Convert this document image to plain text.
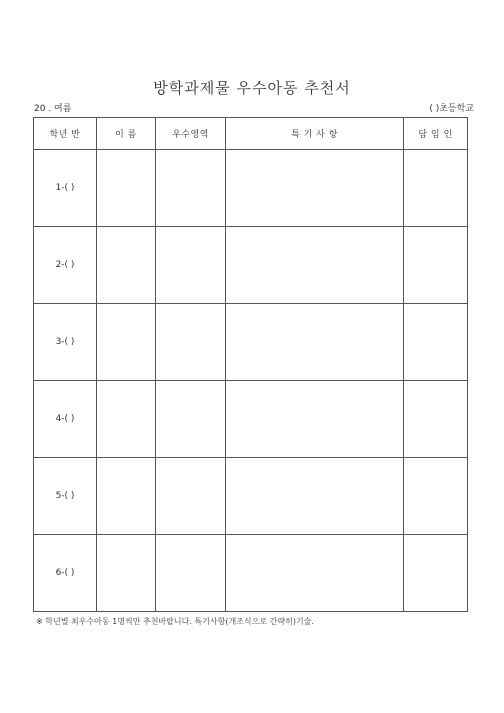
방학과제물 우수아동 추천서
20 . 여름	( )초등학교
학년 반	이 름	우수영역	특 기 사 항	담 임 인
1-( )				
2-( )				
3-( )				
4-( )				
5-( )				
6-( )				
※ 학년별 최우수아동 1명씩만 추천바랍니다. 특기사항(개조식으로 간략히)기술.
